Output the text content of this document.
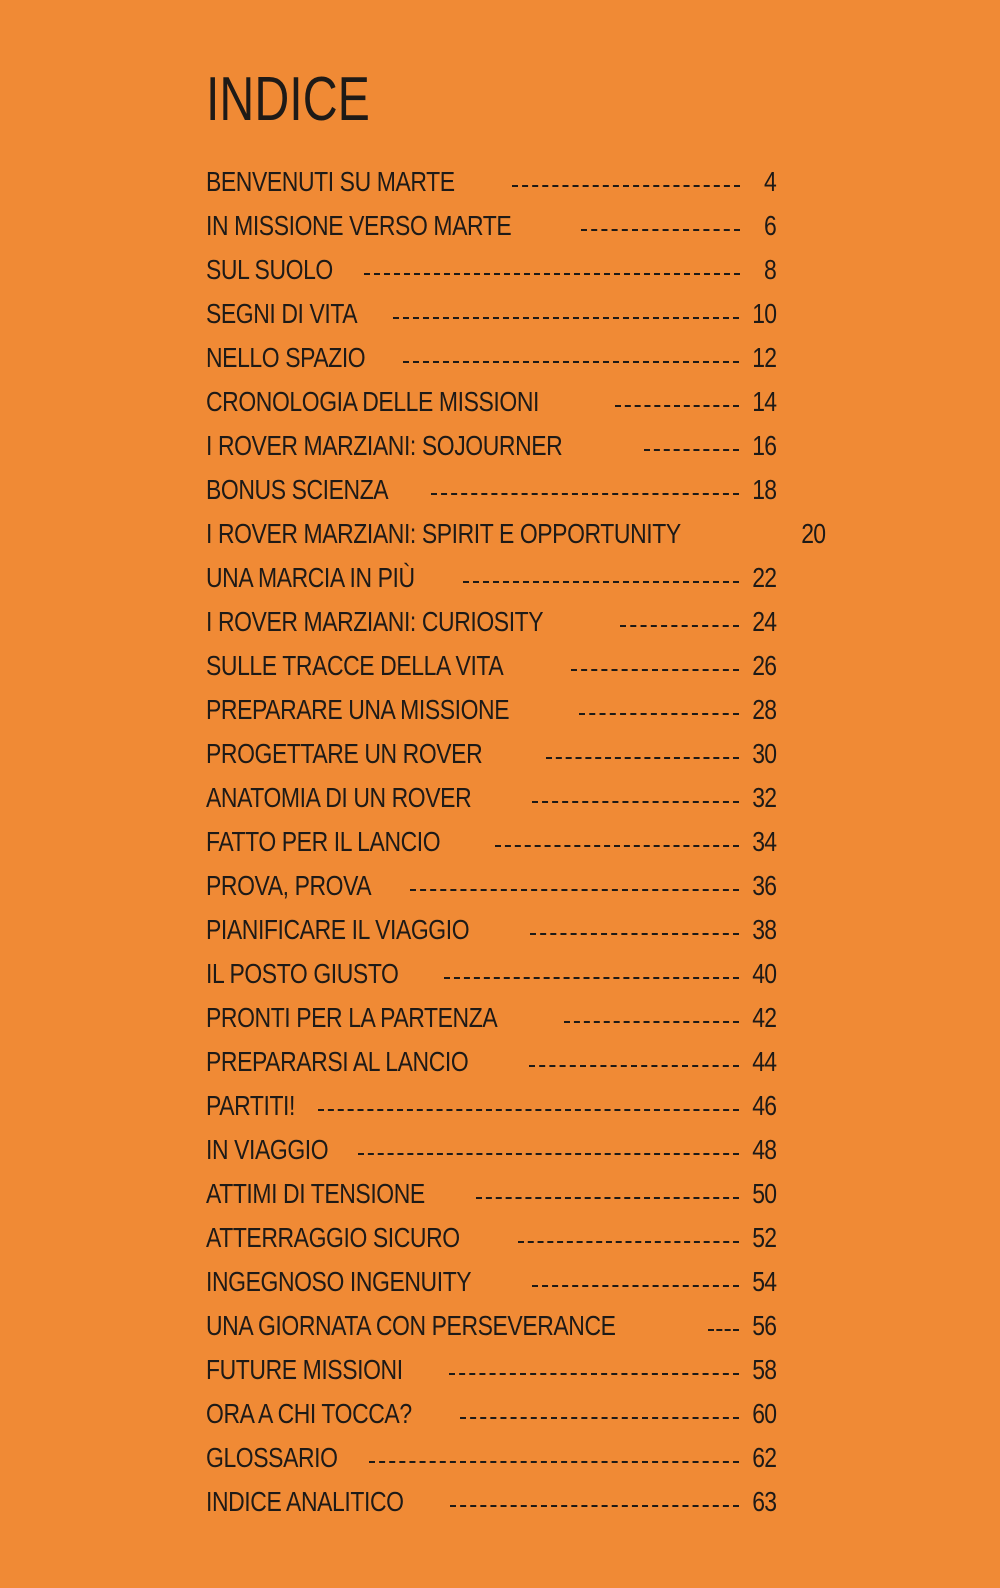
INDICE
BENVENUTI SU MARTE	4
IN MISSIONE VERSO MARTE	6
SUL SUOLO	8
SEGNI DI VITA	10
NELLO SPAZIO	12
CRONOLOGIA DELLE MISSIONI	14
I ROVER MARZIANI: SOJOURNER	16
BONUS SCIENZA	18
I ROVER MARZIANI: SPIRIT E OPPORTUNITY	20
UNA MARCIA IN PIÙ	22
I ROVER MARZIANI: CURIOSITY	24
SULLE TRACCE DELLA VITA	26
PREPARARE UNA MISSIONE	28
PROGETTARE UN ROVER	30
ANATOMIA DI UN ROVER	32
FATTO PER IL LANCIO	34
PROVA, PROVA	36
PIANIFICARE IL VIAGGIO	38
IL POSTO GIUSTO	40
PRONTI PER LA PARTENZA	42
PREPARARSI AL LANCIO	44
PARTITI!	46
IN VIAGGIO	48
ATTIMI DI TENSIONE	50
ATTERRAGGIO SICURO	52
INGEGNOSO INGENUITY	54
UNA GIORNATA CON PERSEVERANCE	56
FUTURE MISSIONI	58
ORA A CHI TOCCA?	60
GLOSSARIO	62
INDICE ANALITICO	63
